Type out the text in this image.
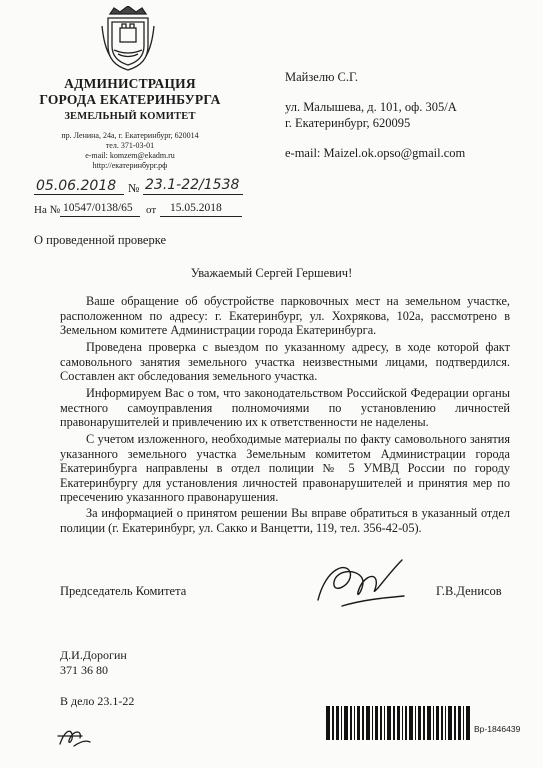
АДМИНИСТРАЦИЯ
ГОРОДА ЕКАТЕРИНБУРГА
ЗЕМЕЛЬНЫЙ КОМИТЕТ
пр. Ленина, 24а, г. Екатеринбург, 620014
тел. 371-03-01
e-mail: komzem@ekadm.ru
http://екатеринбург.рф
05.06.2018 № 23.1-22/1538
На № 10547/0138/65 от 15.05.2018
Майзелю С.Г.
ул. Малышева, д. 101, оф. 305/А
г. Екатеринбург, 620095
e-mail: Maizel.ok.opso@gmail.com
О проведенной проверке
Уважаемый Сергей Гершевич!

Ваше обращение об обустройстве парковочных мест на земельном участке, расположенном по адресу: г. Екатеринбург, ул. Хохрякова, 102а, рассмотрено в Земельном комитете Администрации города Екатеринбурга.

Проведена проверка с выездом по указанному адресу, в ходе которой факт самовольного занятия земельного участка неизвестными лицами, подтвердился. Составлен акт обследования земельного участка.

Информируем Вас о том, что законодательством Российской Федерации органы местного самоуправления полномочиями по установлению личностей правонарушителей и привлечению их к ответственности не наделены.

С учетом изложенного, необходимые материалы по факту самовольного занятия указанного земельного участка Земельным комитетом Администрации города Екатеринбурга направлены в отдел полиции № 5 УМВД России по городу Екатеринбургу для установления личностей правонарушителей и принятия мер по пресечению указанного правонарушения.

За информацией о принятом решении Вы вправе обратиться в указанный отдел полиции (г. Екатеринбург, ул. Сакко и Ванцетти, 119, тел. 356-42-05).

Председатель Комитета	Г.В.Денисов
Д.И.Дорогин
371 36 80
В дело 23.1-22
Вр-1846439
